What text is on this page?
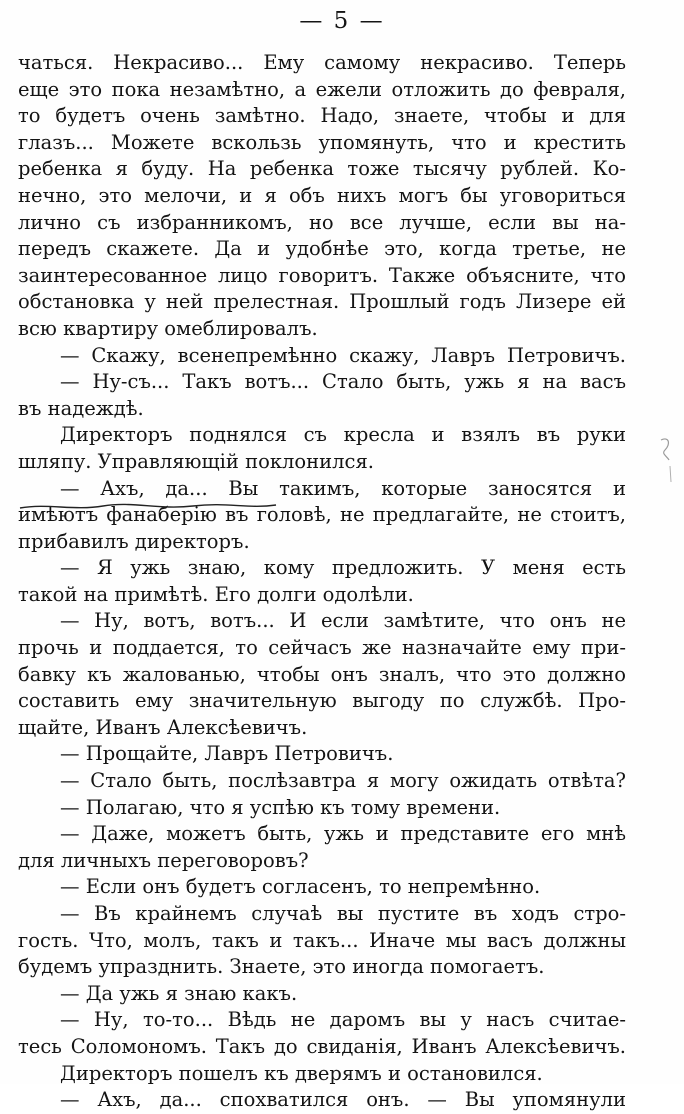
— 5 —
чаться. Некрасиво... Ему самому некрасиво. Теперь
еще это пока незамѣтно, а ежели отложить до февраля,
то будетъ очень замѣтно. Надо, знаете, чтобы и для
глазъ... Можете вскользь упомянуть, что и крестить
ребенка я буду. На ребенка тоже тысячу рублей. Ко-
нечно, это мелочи, и я объ нихъ могъ бы уговориться
лично съ избранникомъ, но все лучше, если вы на-
передъ скажете. Да и удобнѣе это, когда третье, не
заинтересованное лицо говоритъ. Также объясните, что
обстановка у ней прелестная. Прошлый годъ Лизере ей
всю квартиру омеблировалъ.
— Скажу, всенепремѣнно скажу, Лавръ Петровичъ.
— Ну-съ... Такъ вотъ... Стало быть, ужь я на васъ
въ надеждѣ.
Директоръ поднялся съ кресла и взялъ въ руки
шляпу. Управляющій поклонился.
— Ахъ, да... Вы такимъ, которые заносятся и
имѣютъ фанаберію въ головѣ, не предлагайте, не стоитъ,
прибавилъ директоръ.
— Я ужь знаю, кому предложить. У меня есть
такой на примѣтѣ. Его долги одолѣли.
— Ну, вотъ, вотъ... И если замѣтите, что онъ не
прочь и поддается, то сейчасъ же назначайте ему при-
бавку къ жалованью, чтобы онъ зналъ, что это должно
составить ему значительную выгоду по службѣ. Про-
щайте, Иванъ Алексѣевичъ.
— Прощайте, Лавръ Петровичъ.
— Стало быть, послѣзавтра я могу ожидать отвѣта?
— Полагаю, что я успѣю къ тому времени.
— Даже, можетъ быть, ужь и представите его мнѣ
для личныхъ переговоровъ?
— Если онъ будетъ согласенъ, то непремѣнно.
— Въ крайнемъ случаѣ вы пустите въ ходъ стро-
гость. Что, молъ, такъ и такъ... Иначе мы васъ должны
будемъ упразднить. Знаете, это иногда помогаетъ.
— Да ужь я знаю какъ.
— Ну, то-то... Вѣдь не даромъ вы у насъ считае-
тесь Соломономъ. Такъ до свиданія, Иванъ Алексѣевичъ.
Директоръ пошелъ къ дверямъ и остановился.
— Ахъ, да... спохватился онъ. — Вы упомянули
